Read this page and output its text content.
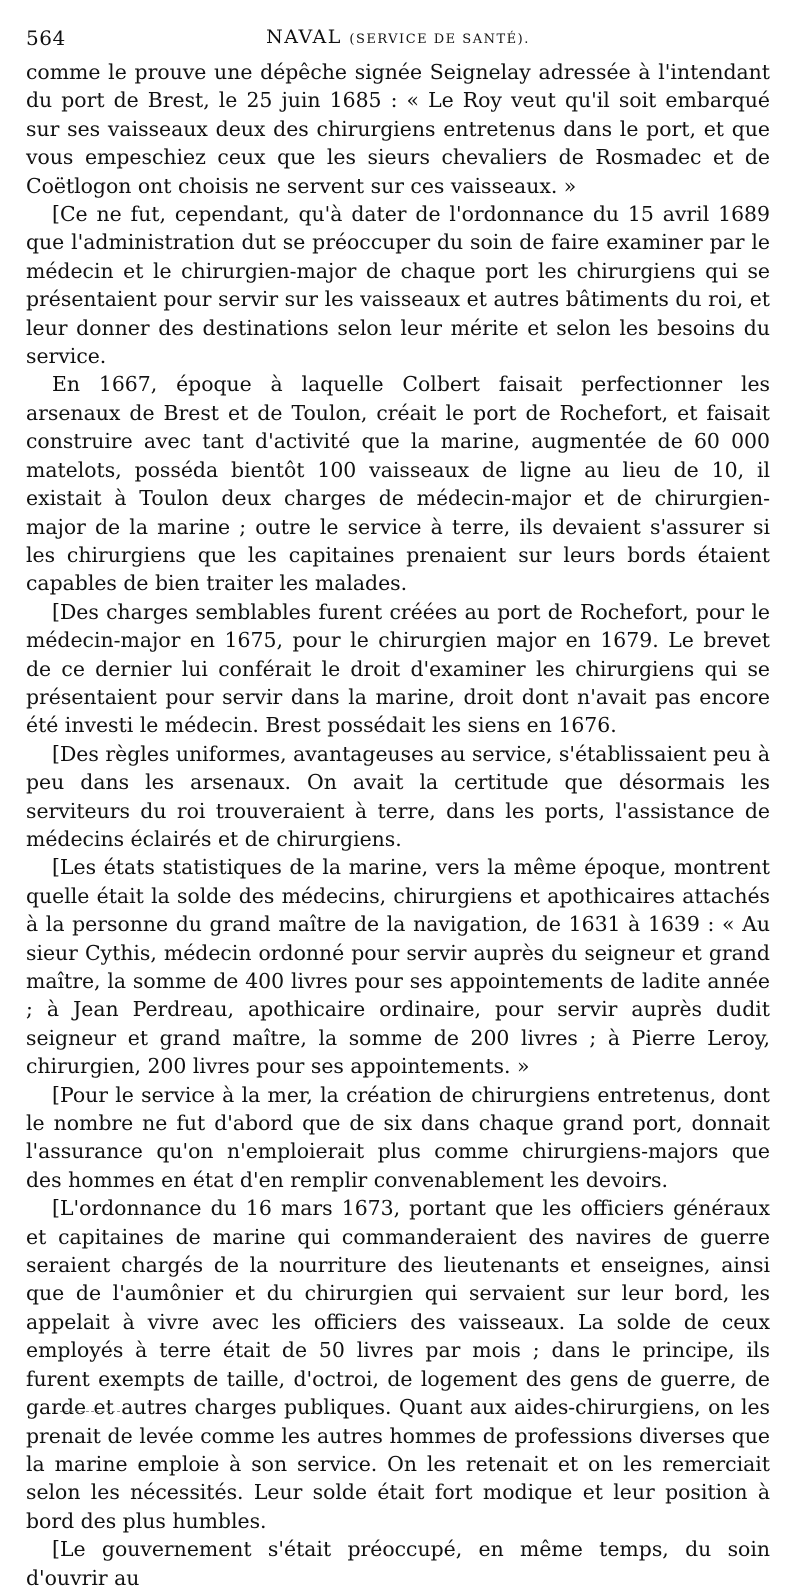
564	NAVAL (SERVICE DE SANTÉ).

comme le prouve une dépêche signée Seignelay adressée à l'intendant du port de Brest, le 25 juin 1685 : « Le Roy veut qu'il soit embarqué sur ses vaisseaux deux des chirurgiens entretenus dans le port, et que vous empeschiez ceux que les sieurs chevaliers de Rosmadec et de Coëtlogon ont choisis ne servent sur ces vaisseaux. »

[Ce ne fut, cependant, qu'à dater de l'ordonnance du 15 avril 1689 que l'administration dut se préoccuper du soin de faire examiner par le médecin et le chirurgien-major de chaque port les chirurgiens qui se présentaient pour servir sur les vaisseaux et autres bâtiments du roi, et leur donner des destinations selon leur mérite et selon les besoins du service.

En 1667, époque à laquelle Colbert faisait perfectionner les arsenaux de Brest et de Toulon, créait le port de Rochefort, et faisait construire avec tant d'activité que la marine, augmentée de 60 000 matelots, posséda bientôt 100 vaisseaux de ligne au lieu de 10, il existait à Toulon deux charges de médecin-major et de chirurgien-major de la marine ; outre le service à terre, ils devaient s'assurer si les chirurgiens que les capitaines prenaient sur leurs bords étaient capables de bien traiter les malades.

[Des charges semblables furent créées au port de Rochefort, pour le médecin-major en 1675, pour le chirurgien major en 1679. Le brevet de ce dernier lui conférait le droit d'examiner les chirurgiens qui se présentaient pour servir dans la marine, droit dont n'avait pas encore été investi le médecin. Brest possédait les siens en 1676.

[Des règles uniformes, avantageuses au service, s'établissaient peu à peu dans les arsenaux. On avait la certitude que désormais les serviteurs du roi trouveraient à terre, dans les ports, l'assistance de médecins éclairés et de chirurgiens.

[Les états statistiques de la marine, vers la même époque, montrent quelle était la solde des médecins, chirurgiens et apothicaires attachés à la personne du grand maître de la navigation, de 1631 à 1639 : « Au sieur Cythis, médecin ordonné pour servir auprès du seigneur et grand maître, la somme de 400 livres pour ses appointements de ladite année ; à Jean Perdreau, apothicaire ordinaire, pour servir auprès dudit seigneur et grand maître, la somme de 200 livres ; à Pierre Leroy, chirurgien, 200 livres pour ses appointements. »

[Pour le service à la mer, la création de chirurgiens entretenus, dont le nombre ne fut d'abord que de six dans chaque grand port, donnait l'assurance qu'on n'emploierait plus comme chirurgiens-majors que des hommes en état d'en remplir convenablement les devoirs.

[L'ordonnance du 16 mars 1673, portant que les officiers généraux et capitaines de marine qui commanderaient des navires de guerre seraient chargés de la nourriture des lieutenants et enseignes, ainsi que de l'aumônier et du chirurgien qui servaient sur leur bord, les appelait à vivre avec les officiers des vaisseaux. La solde de ceux employés à terre était de 50 livres par mois ; dans le principe, ils furent exempts de taille, d'octroi, de logement des gens de guerre, de garde et autres charges publiques. Quant aux aides-chirurgiens, on les prenait de levée comme les autres hommes de professions diverses que la marine emploie à son service. On les retenait et on les remerciait selon les nécessités. Leur solde était fort modique et leur position à bord des plus humbles.

[Le gouvernement s'était préoccupé, en même temps, du soin d'ouvrir au
